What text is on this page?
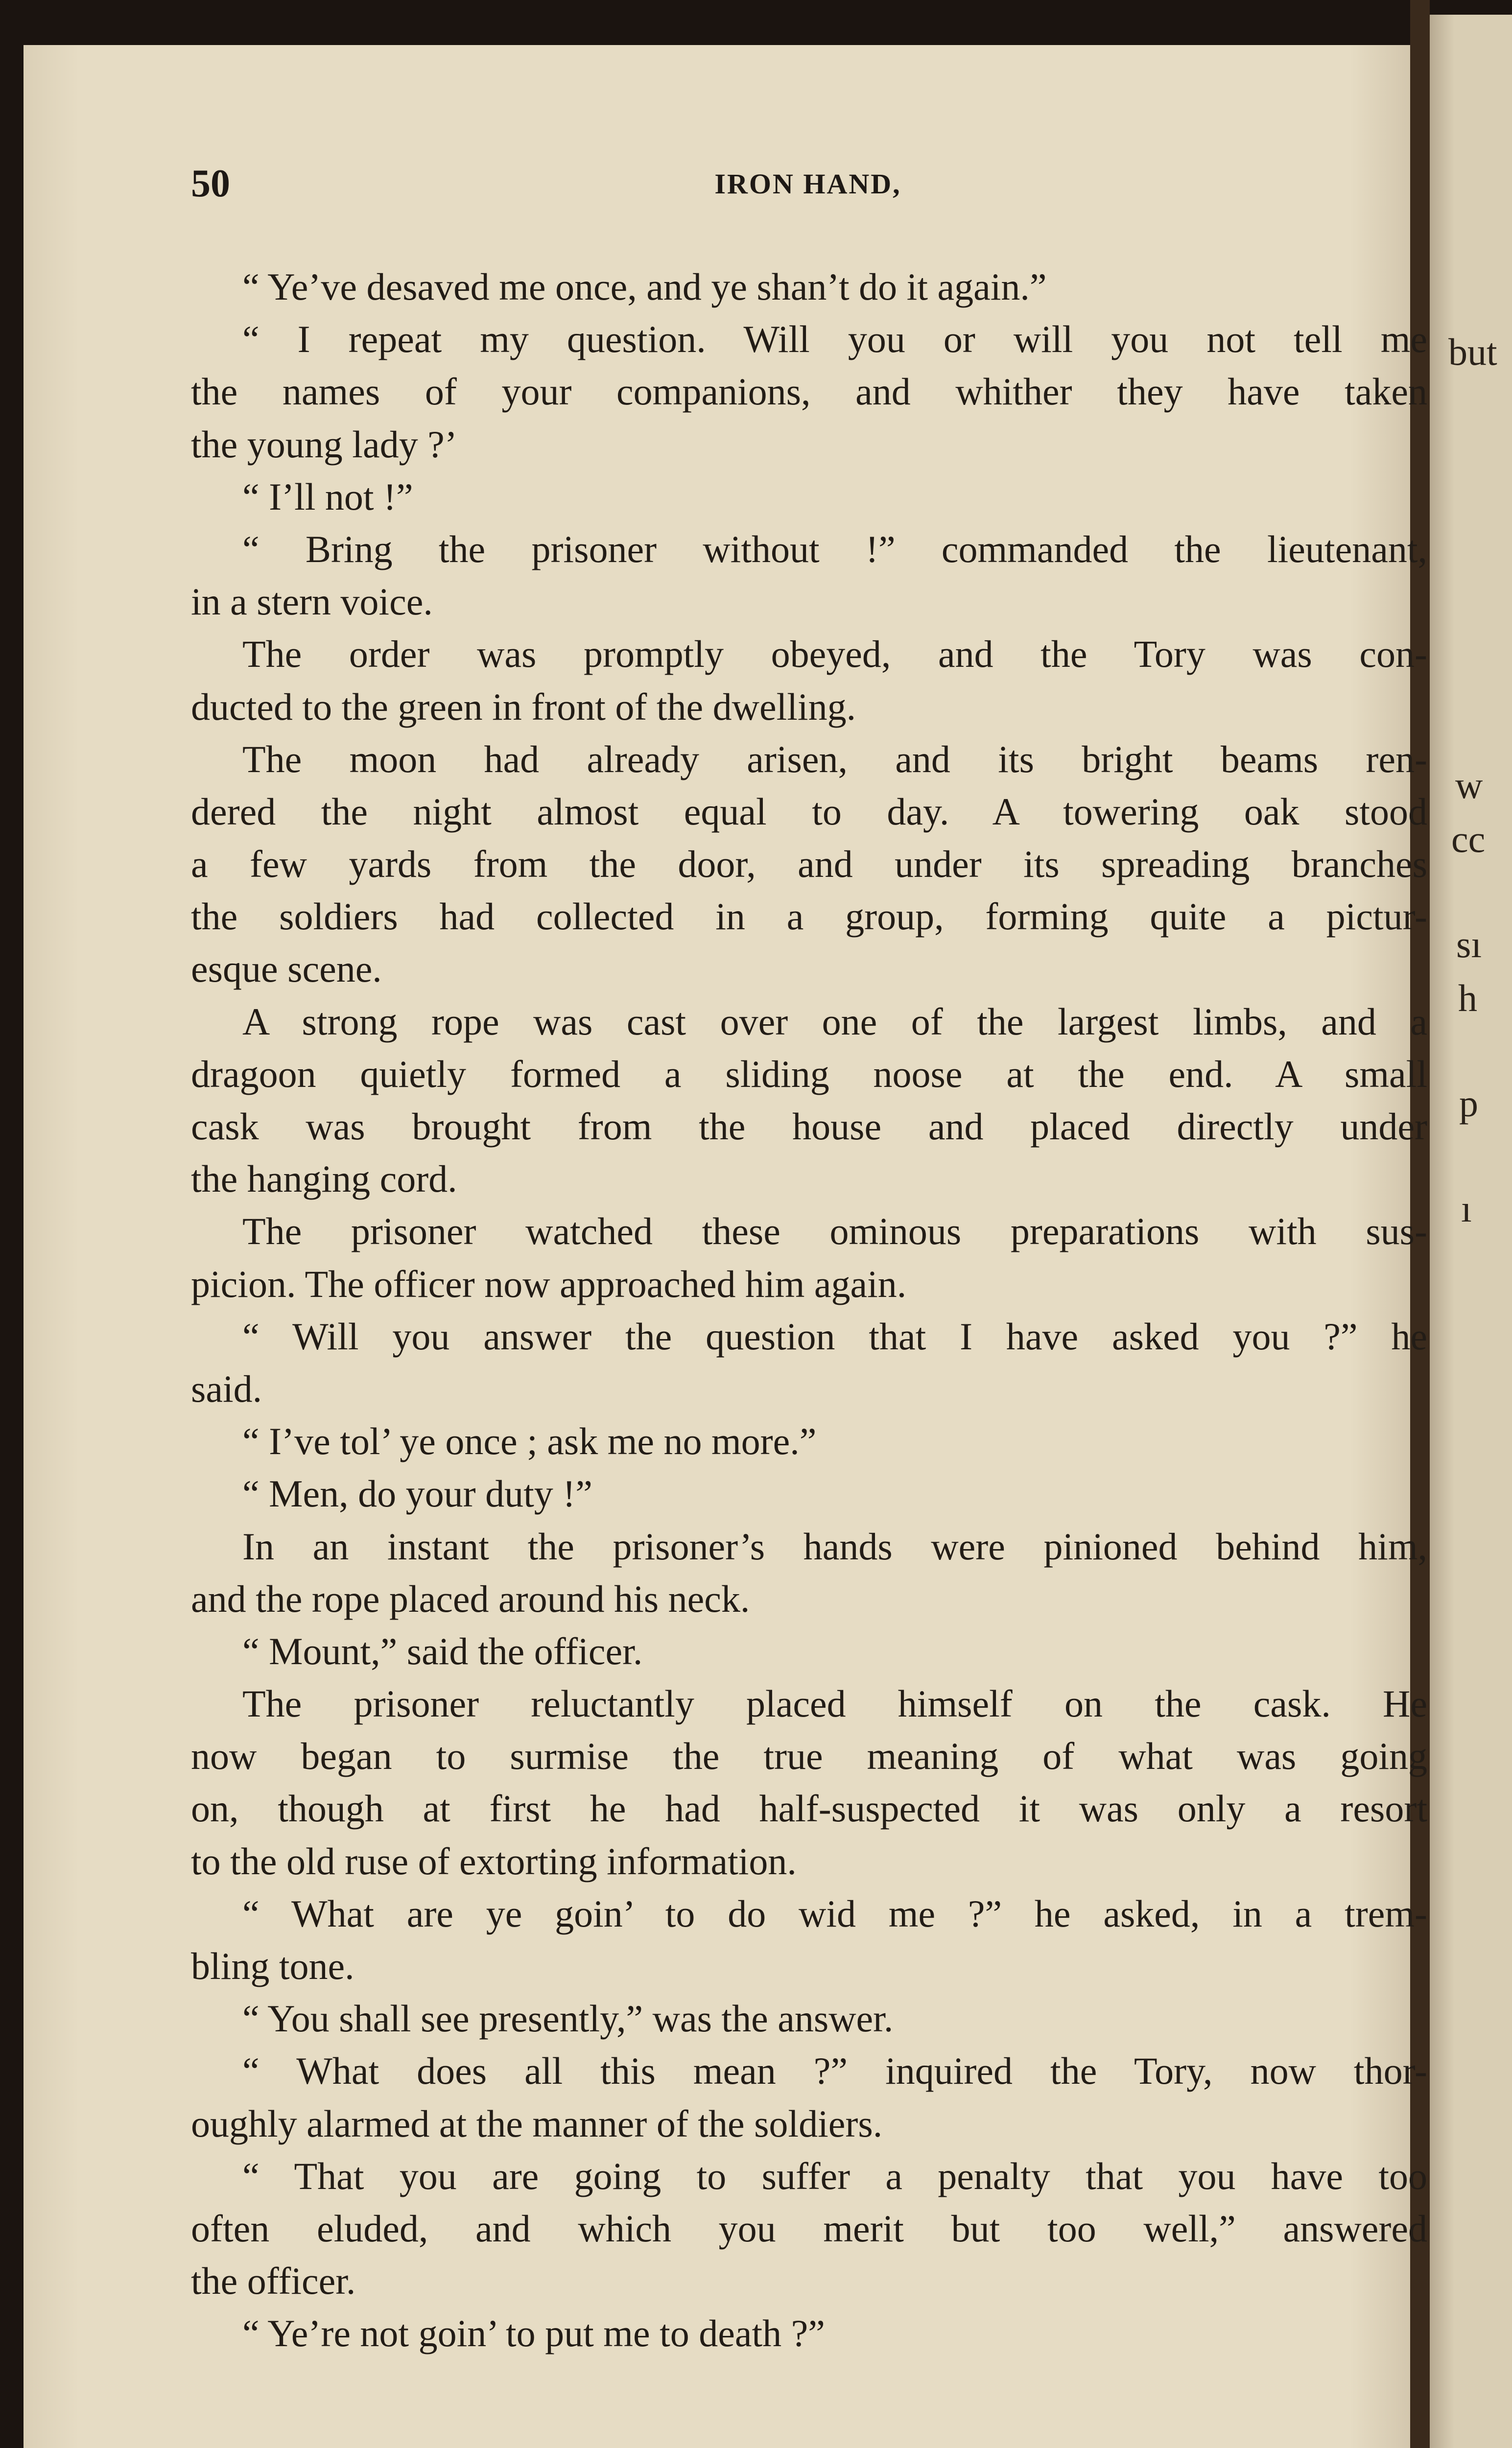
but
w
cc
sı
h
p
ı
50	IRON HAND,
“ Ye’ve desaved me once, and ye shan’t do it again.”
“ I repeat my question. Will you or will you not tell me
the names of your companions, and whither they have taken
the young lady ?’
“ I’ll not !”
“ Bring the prisoner without !” commanded the lieutenant,
in a stern voice.
The order was promptly obeyed, and the Tory was con-
ducted to the green in front of the dwelling.
The moon had already arisen, and its bright beams ren-
dered the night almost equal to day. A towering oak stood
a few yards from the door, and under its spreading branches
the soldiers had collected in a group, forming quite a pictur-
esque scene.
A strong rope was cast over one of the largest limbs, and a
dragoon quietly formed a sliding noose at the end. A small
cask was brought from the house and placed directly under
the hanging cord.
The prisoner watched these ominous preparations with sus-
picion. The officer now approached him again.
“ Will you answer the question that I have asked you ?” he
said.
“ I’ve tol’ ye once ; ask me no more.”
“ Men, do your duty !”
In an instant the prisoner’s hands were pinioned behind him,
and the rope placed around his neck.
“ Mount,” said the officer.
The prisoner reluctantly placed himself on the cask. He
now began to surmise the true meaning of what was going
on, though at first he had half-suspected it was only a resort
to the old ruse of extorting information.
“ What are ye goin’ to do wid me ?” he asked, in a trem-
bling tone.
“ You shall see presently,” was the answer.
“ What does all this mean ?” inquired the Tory, now thor-
oughly alarmed at the manner of the soldiers.
“ That you are going to suffer a penalty that you have too
often eluded, and which you merit but too well,” answered
the officer.
“ Ye’re not goin’ to put me to death ?”
